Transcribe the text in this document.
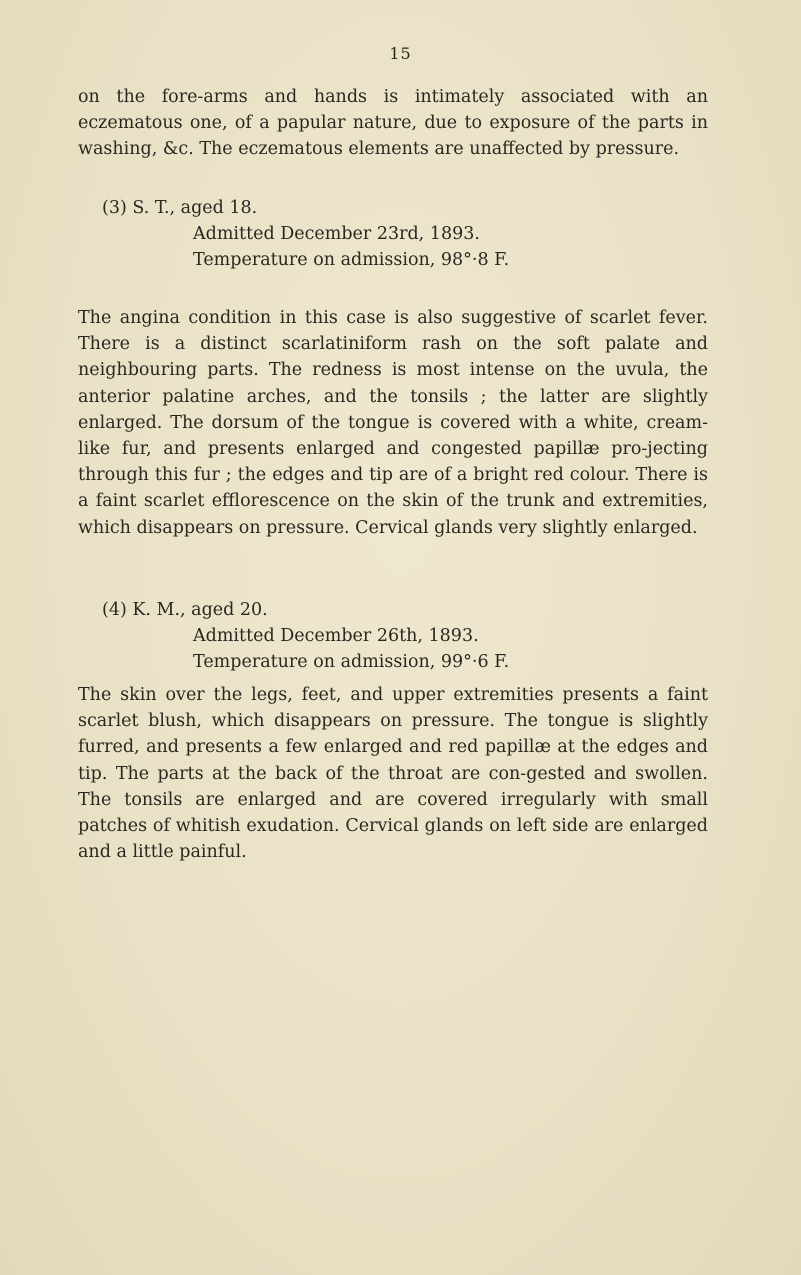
15

on the fore-arms and hands is intimately associated with an eczematous one, of a papular nature, due to exposure of the parts in washing, &c. The eczematous elements are unaffected by pressure.

(3) S. T., aged 18.
Admitted December 23rd, 1893.
Temperature on admission, 98°·8 F.

The angina condition in this case is also suggestive of scarlet fever. There is a distinct scarlatiniform rash on the soft palate and neighbouring parts. The redness is most intense on the uvula, the anterior palatine arches, and the tonsils ; the latter are slightly enlarged. The dorsum of the tongue is covered with a white, cream-like fur, and presents enlarged and congested papillæ pro-jecting through this fur ; the edges and tip are of a bright red colour. There is a faint scarlet efflorescence on the skin of the trunk and extremities, which disappears on pressure. Cervical glands very slightly enlarged.

(4) K. M., aged 20.
Admitted December 26th, 1893.
Temperature on admission, 99°·6 F.

The skin over the legs, feet, and upper extremities presents a faint scarlet blush, which disappears on pressure. The tongue is slightly furred, and presents a few enlarged and red papillæ at the edges and tip. The parts at the back of the throat are con-gested and swollen. The tonsils are enlarged and are covered irregularly with small patches of whitish exudation. Cervical glands on left side are enlarged and a little painful.
